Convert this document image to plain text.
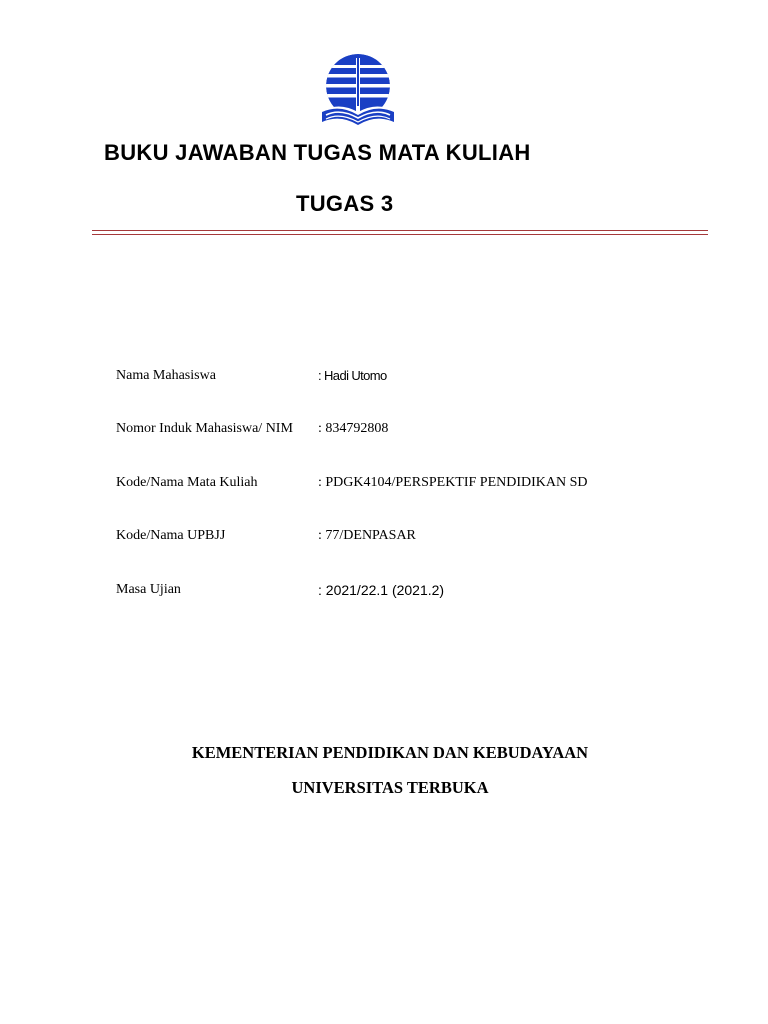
BUKU JAWABAN TUGAS MATA KULIAH
TUGAS 3
Nama Mahasiswa	: Hadi Utomo
Nomor Induk Mahasiswa/ NIM : 834792808
Kode/Nama Mata Kuliah	: PDGK4104/PERSPEKTIF PENDIDIKAN SD
Kode/Nama UPBJJ	: 77/DENPASAR
Masa Ujian	: 2021/22.1 (2021.2)
KEMENTERIAN PENDIDIKAN DAN KEBUDAYAAN
UNIVERSITAS TERBUKA
